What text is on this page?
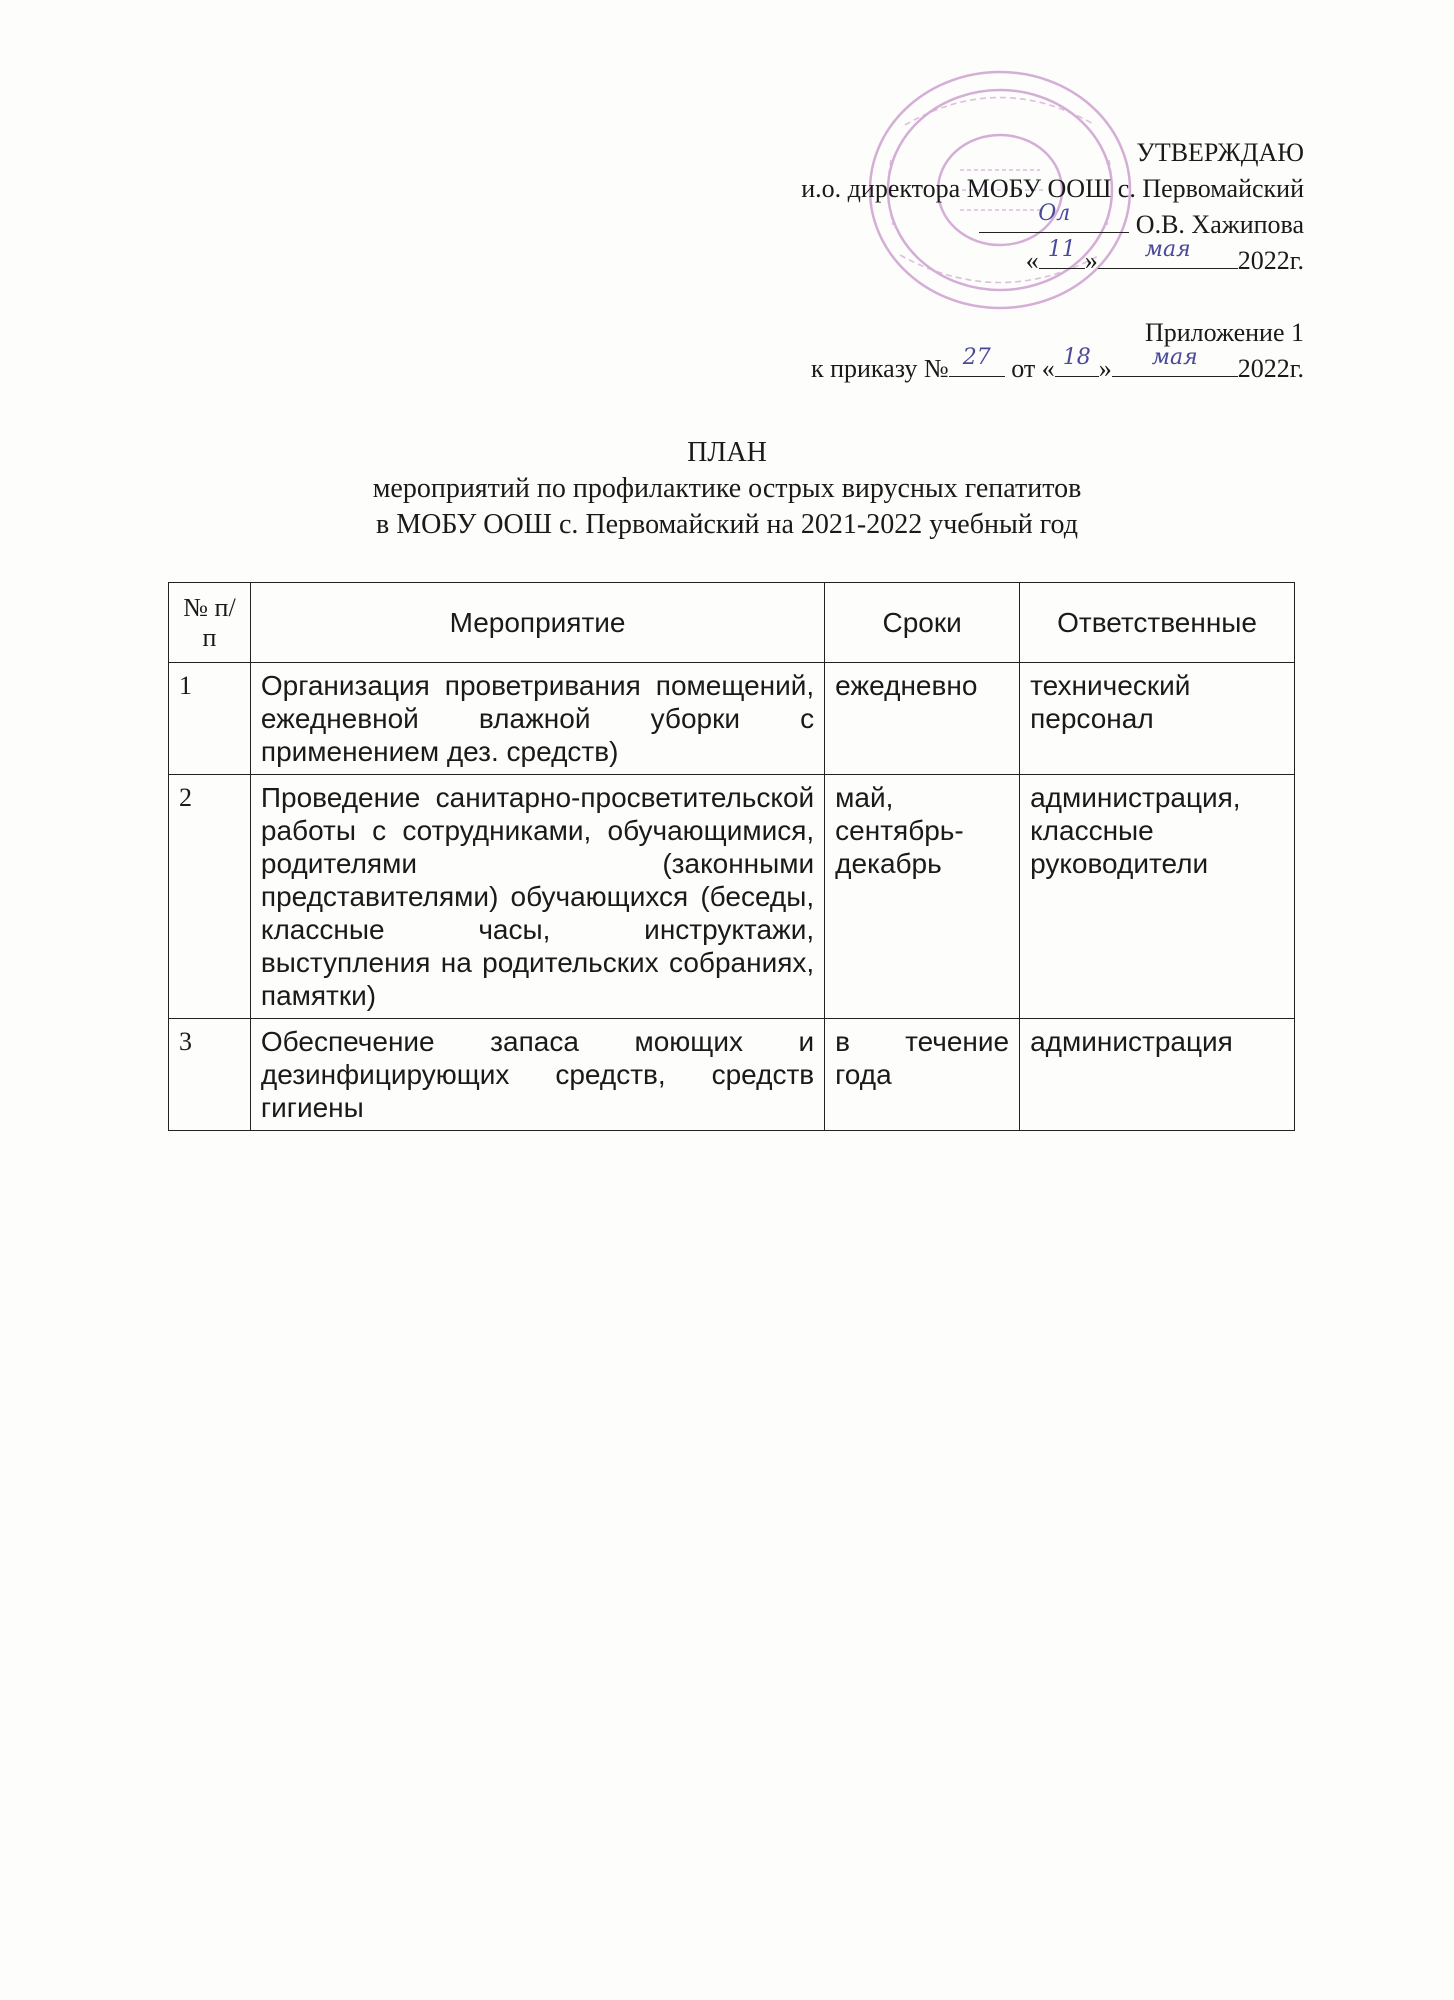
УТВЕРЖДАЮ
и.о. директора МОБУ ООШ с. Первомайский
Ол	О.В. Хажипова
« 11 » мая 2022г.
Приложение 1
к приказу № 27 от « 18 » мая 2022г.
ПЛАН
мероприятий по профилактике острых вирусных гепатитов
в МОБУ ООШ с. Первомайский на 2021-2022 учебный год
№ п/п	Мероприятие	Сроки	Ответственные
1	Организация проветривания помещений, ежедневной влажной уборки с применением дез. средств)	ежедневно	технический персонал
2	Проведение санитарно-просветительской работы с сотрудниками, обучающимися, родителями (законными представителями) обучающихся (беседы, классные часы, инструктажи, выступления на родительских собраниях, памятки)	май, сентябрь-декабрь	администрация, классные руководители
3	Обеспечение запаса моющих и дезинфицирующих средств, средств гигиены	в течение года	администрация
